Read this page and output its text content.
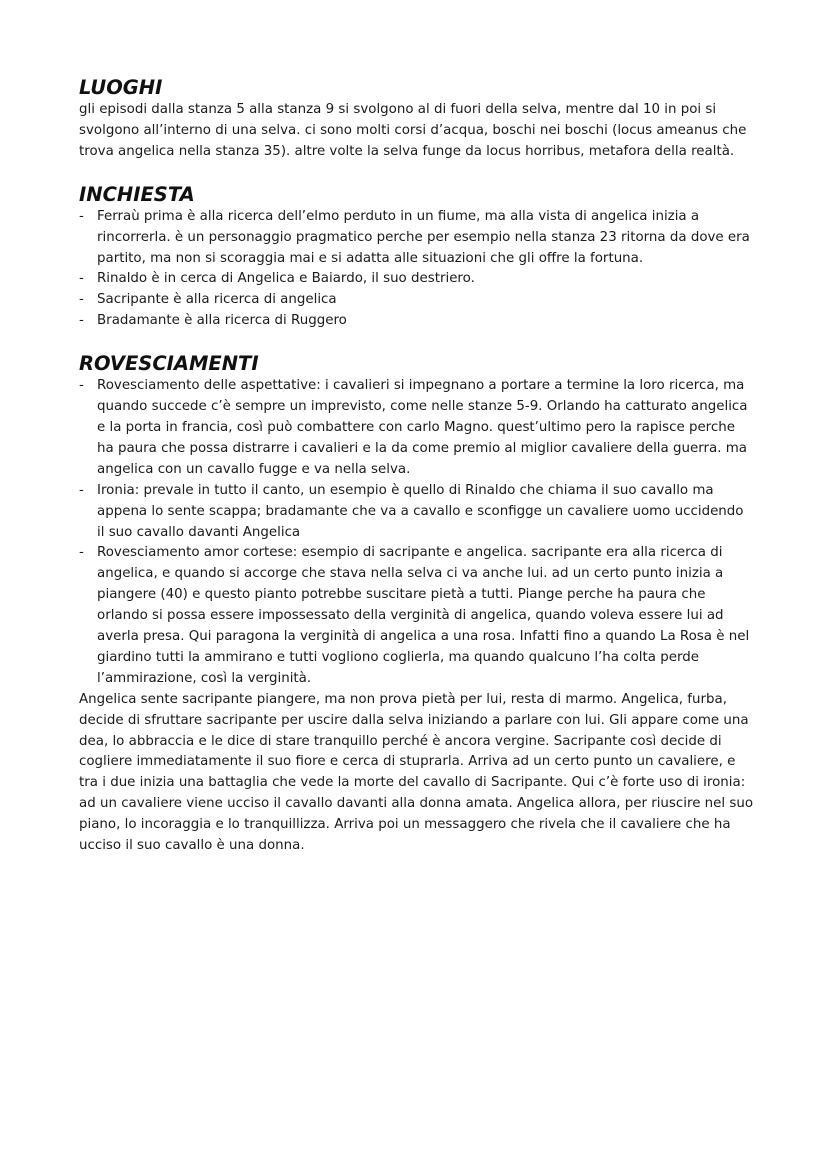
LUOGHI

gli episodi dalla stanza 5 alla stanza 9 si svolgono al di fuori della selva, mentre dal 10 in poi si svolgono all’interno di una selva. ci sono molti corsi d’acqua, boschi nei boschi (locus ameanus che trova angelica nella stanza 35). altre volte la selva funge da locus horribus, metafora della realtà.

INCHIESTA
- Ferraù prima è alla ricerca dell’elmo perduto in un fiume, ma alla vista di angelica inizia a rincorrerla. è un personaggio pragmatico perche per esempio nella stanza 23 ritorna da dove era partito, ma non si scoraggia mai e si adatta alle situazioni che gli offre la fortuna.
- Rinaldo è in cerca di Angelica e Baiardo, il suo destriero.
- Sacripante è alla ricerca di angelica
- Bradamante è alla ricerca di Ruggero
ROVESCIAMENTI
- Rovesciamento delle aspettative: i cavalieri si impegnano a portare a termine la loro ricerca, ma quando succede c’è sempre un imprevisto, come nelle stanze 5-9. Orlando ha catturato angelica e la porta in francia, così può combattere con carlo Magno. quest’ultimo pero la rapisce perche ha paura che possa distrarre i cavalieri e la da come premio al miglior cavaliere della guerra. ma angelica con un cavallo fugge e va nella selva.
- Ironia: prevale in tutto il canto, un esempio è quello di Rinaldo che chiama il suo cavallo ma appena lo sente scappa; bradamante che va a cavallo e sconfigge un cavaliere uomo uccidendo il suo cavallo davanti Angelica
- Rovesciamento amor cortese: esempio di sacripante e angelica. sacripante era alla ricerca di angelica, e quando si accorge che stava nella selva ci va anche lui. ad un certo punto inizia a piangere (40) e questo pianto potrebbe suscitare pietà a tutti. Piange perche ha paura che orlando si possa essere impossessato della verginità di angelica, quando voleva essere lui ad averla presa. Qui paragona la verginità di angelica a una rosa. Infatti fino a quando La Rosa è nel giardino tutti la ammirano e tutti vogliono coglierla, ma quando qualcuno l’ha colta perde l’ammirazione, così la verginità.

Angelica sente sacripante piangere, ma non prova pietà per lui, resta di marmo. Angelica, furba, decide di sfruttare sacripante per uscire dalla selva iniziando a parlare con lui. Gli appare come una dea, lo abbraccia e le dice di stare tranquillo perché è ancora vergine. Sacripante così decide di cogliere immediatamente il suo fiore e cerca di stuprarla. Arriva ad un certo punto un cavaliere, e tra i due inizia una battaglia che vede la morte del cavallo di Sacripante. Qui c’è forte uso di ironia: ad un cavaliere viene ucciso il cavallo davanti alla donna amata. Angelica allora, per riuscire nel suo piano, lo incoraggia e lo tranquillizza. Arriva poi un messaggero che rivela che il cavaliere che ha ucciso il suo cavallo è una donna.
